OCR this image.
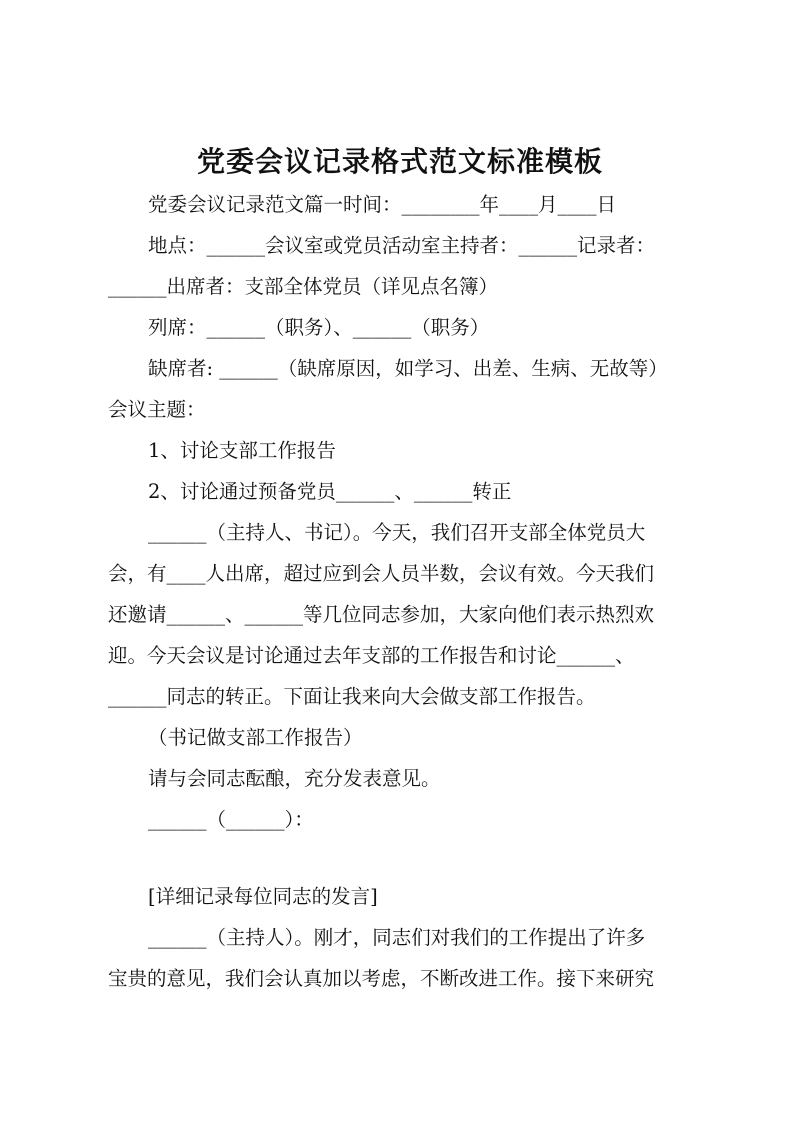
党委会议记录格式范文标准模板
党委会议记录范文篇一时间：________年____月____日
地点：______会议室或党员活动室主持者：______记录者：
______出席者：支部全体党员（详见点名簿）
列席：______（职务）、______（职务）
缺席者: ______（缺席原因，如学习、出差、生病、无故等）
会议主题：
1、讨论支部工作报告
2、讨论通过预备党员______、______转正
______（主持人、书记）。今天，我们召开支部全体党员大
会，有____人出席，超过应到会人员半数，会议有效。今天我们
还邀请______、______等几位同志参加，大家向他们表示热烈欢
迎。今天会议是讨论通过去年支部的工作报告和讨论______、
______同志的转正。下面让我来向大会做支部工作报告。
（书记做支部工作报告）
请与会同志酝酿，充分发表意见。
______（______）：
[详细记录每位同志的发言]
______（主持人）。刚才，同志们对我们的工作提出了许多
宝贵的意见，我们会认真加以考虑，不断改进工作。接下来研究
